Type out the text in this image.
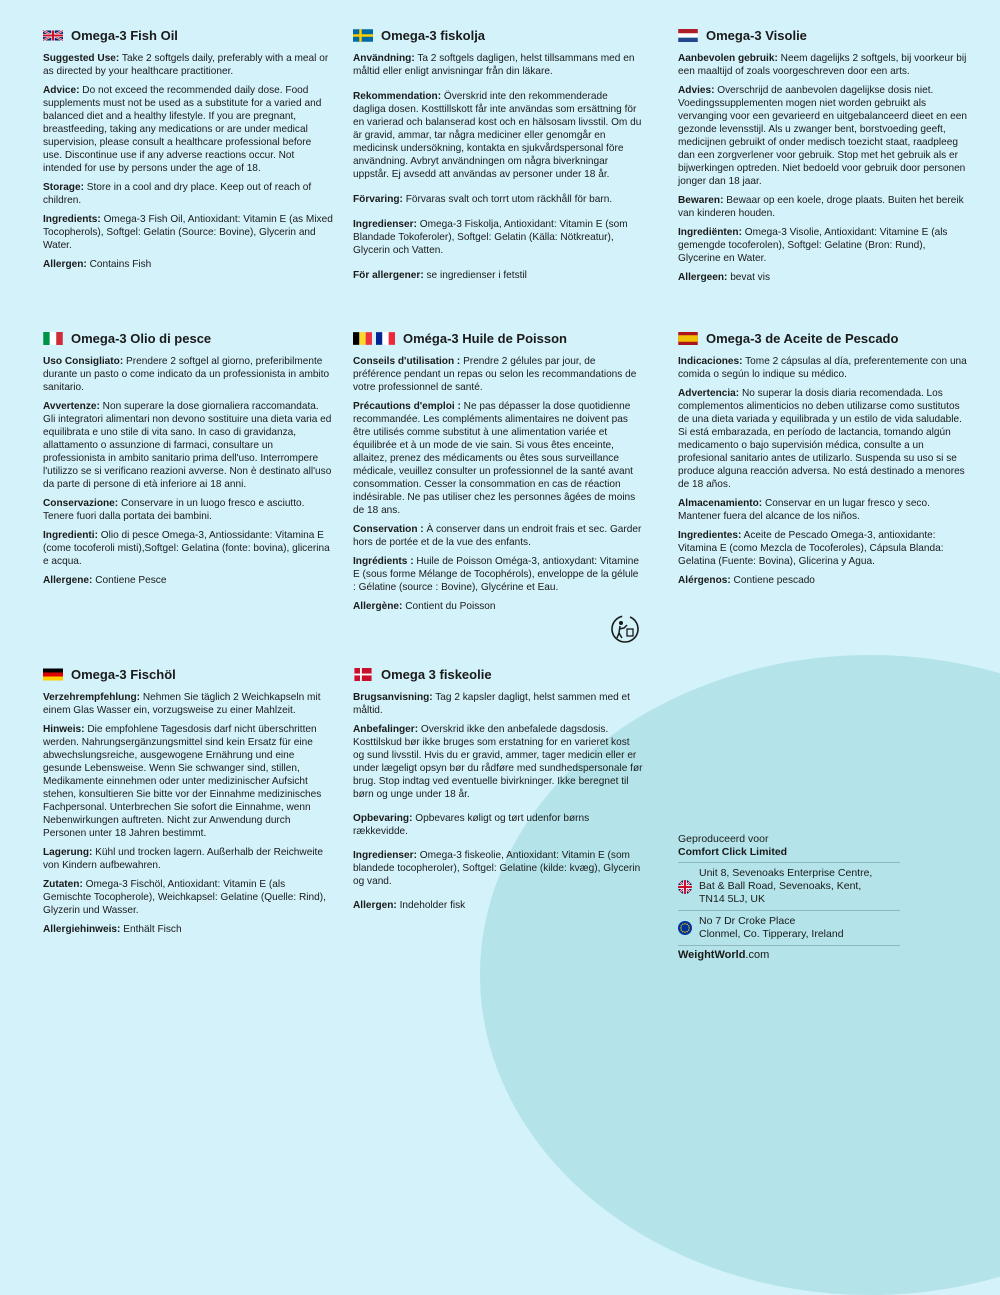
Omega-3 Fish Oil
Suggested Use: Take 2 softgels daily, preferably with a meal or as directed by your healthcare practitioner.
Advice: Do not exceed the recommended daily dose. Food supplements must not be used as a substitute for a varied and balanced diet and a healthy lifestyle. If you are pregnant, breastfeeding, taking any medications or are under medical supervision, please consult a healthcare professional before use. Discontinue use if any adverse reactions occur. Not intended for use by persons under the age of 18.
Storage: Store in a cool and dry place. Keep out of reach of children.
Ingredients: Omega-3 Fish Oil, Antioxidant: Vitamin E (as Mixed Tocopherols), Softgel: Gelatin (Source: Bovine), Glycerin and Water.
Allergen: Contains Fish
Omega-3 fiskolja
Användning: Ta 2 softgels dagligen, helst tillsammans med en måltid eller enligt anvisningar från din läkare.
Rekommendation: Överskrid inte den rekommenderade dagliga dosen. Kosttillskott får inte användas som ersättning för en varierad och balanserad kost och en hälsosam livsstil. Om du är gravid, ammar, tar några mediciner eller genomgår en medicinsk undersökning, kontakta en sjukvårdspersonal före användning. Avbryt användningen om några biverkningar uppstår. Ej avsedd att användas av personer under 18 år.
Förvaring: Förvaras svalt och torrt utom räckhåll för barn.
Ingredienser: Omega-3 Fiskolja, Antioxidant: Vitamin E (som Blandade Tokoferoler), Softgel: Gelatin (Källa: Nötkreatur), Glycerin och Vatten.
För allergener: se ingredienser i fetstil
Omega-3 Visolie
Aanbevolen gebruik: Neem dagelijks 2 softgels, bij voorkeur bij een maaltijd of zoals voorgeschreven door een arts.
Advies: Overschrijd de aanbevolen dagelijkse dosis niet. Voedingssupplementen mogen niet worden gebruikt als vervanging voor een gevarieerd en uitgebalanceerd dieet en een gezonde levensstijl. Als u zwanger bent, borstvoeding geeft, medicijnen gebruikt of onder medisch toezicht staat, raadpleeg dan een zorgverlener voor gebruik. Stop met het gebruik als er bijwerkingen optreden. Niet bedoeld voor gebruik door personen jonger dan 18 jaar.
Bewaren: Bewaar op een koele, droge plaats. Buiten het bereik van kinderen houden.
Ingrediënten: Omega-3 Visolie, Antioxidant: Vitamine E (als gemengde tocoferolen), Softgel: Gelatine (Bron: Rund), Glycerine en Water.
Allergeen: bevat vis
Omega-3 Olio di pesce
Uso Consigliato: Prendere 2 softgel al giorno, preferibilmente durante un pasto o come indicato da un professionista in ambito sanitario.
Avvertenze: Non superare la dose giornaliera raccomandata. Gli integratori alimentari non devono sostituire una dieta varia ed equilibrata e uno stile di vita sano. In caso di gravidanza, allattamento o assunzione di farmaci, consultare un professionista in ambito sanitario prima dell'uso. Interrompere l'utilizzo se si verificano reazioni avverse. Non è destinato all'uso da parte di persone di età inferiore ai 18 anni.
Conservazione: Conservare in un luogo fresco e asciutto. Tenere fuori dalla portata dei bambini.
Ingredienti: Olio di pesce Omega-3, Antiossidante: Vitamina E (come tocoferoli misti),Softgel: Gelatina (fonte: bovina), glicerina e acqua.
Allergene: Contiene Pesce
Oméga-3 Huile de Poisson
Conseils d'utilisation : Prendre 2 gélules par jour, de préférence pendant un repas ou selon les recommandations de votre professionnel de santé.
Précautions d'emploi : Ne pas dépasser la dose quotidienne recommandée. Les compléments alimentaires ne doivent pas être utilisés comme substitut à une alimentation variée et équilibrée et à un mode de vie sain. Si vous êtes enceinte, allaitez, prenez des médicaments ou êtes sous surveillance médicale, veuillez consulter un professionnel de la santé avant consommation. Cesser la consommation en cas de réaction indésirable. Ne pas utiliser chez les personnes âgées de moins de 18 ans.
Conservation : À conserver dans un endroit frais et sec. Garder hors de portée et de la vue des enfants.
Ingrédients : Huile de Poisson Oméga-3, antioxydant: Vitamine E (sous forme Mélange de Tocophérols), enveloppe de la gélule : Gélatine (source : Bovine), Glycérine et Eau.
Allergène: Contient du Poisson
Omega-3 de Aceite de Pescado
Indicaciones: Tome 2 cápsulas al día, preferentemente con una comida o según lo indique su médico.
Advertencia: No superar la dosis diaria recomendada. Los complementos alimenticios no deben utilizarse como sustitutos de una dieta variada y equilibrada y un estilo de vida saludable. Si está embarazada, en período de lactancia, tomando algún medicamento o bajo supervisión médica, consulte a un profesional sanitario antes de utilizarlo. Suspenda su uso si se produce alguna reacción adversa. No está destinado a menores de 18 años.
Almacenamiento: Conservar en un lugar fresco y seco. Mantener fuera del alcance de los niños.
Ingredientes: Aceite de Pescado Omega-3, antioxidante: Vitamina E (como Mezcla de Tocoferoles), Cápsula Blanda: Gelatina (Fuente: Bovina), Glicerina y Agua.
Alérgenos: Contiene pescado
Omega-3 Fischöl
Verzehrempfehlung: Nehmen Sie täglich 2 Weichkapseln mit einem Glas Wasser ein, vorzugsweise zu einer Mahlzeit.
Hinweis: Die empfohlene Tagesdosis darf nicht überschritten werden. Nahrungsergänzungsmittel sind kein Ersatz für eine abwechslungsreiche, ausgewogene Ernährung und eine gesunde Lebensweise. Wenn Sie schwanger sind, stillen, Medikamente einnehmen oder unter medizinischer Aufsicht stehen, konsultieren Sie bitte vor der Einnahme medizinisches Fachpersonal. Unterbrechen Sie sofort die Einnahme, wenn Nebenwirkungen auftreten. Nicht zur Anwendung durch Personen unter 18 Jahren bestimmt.
Lagerung: Kühl und trocken lagern. Außerhalb der Reichweite von Kindern aufbewahren.
Zutaten: Omega-3 Fischöl, Antioxidant: Vitamin E (als Gemischte Tocopherole), Weichkapsel: Gelatine (Quelle: Rind), Glyzerin und Wasser.
Allergiehinweis: Enthält Fisch
Omega 3 fiskeolie
Brugsanvisning: Tag 2 kapsler dagligt, helst sammen med et måltid.
Anbefalinger: Overskrid ikke den anbefalede dagsdosis. Kosttilskud bør ikke bruges som erstatning for en varieret kost og sund livsstil. Hvis du er gravid, ammer, tager medicin eller er under lægeligt opsyn bør du rådføre med sundhedspersonale før brug. Stop indtag ved eventuelle bivirkninger. Ikke beregnet til børn og unge under 18 år.
Opbevaring: Opbevares køligt og tørt udenfor børns rækkevidde.
Ingredienser: Omega-3 fiskeolie, Antioxidant: Vitamin E (som blandede tocopheroler), Softgel: Gelatine (kilde: kvæg), Glycerin og vand.
Allergen: Indeholder fisk
Geproduceerd voor
Comfort Click Limited
Unit 8, Sevenoaks Enterprise Centre,
Bat & Ball Road, Sevenoaks, Kent,
TN14 5LJ, UK
No 7 Dr Croke Place
Clonmel, Co. Tipperary, Ireland
WeightWorld.com
